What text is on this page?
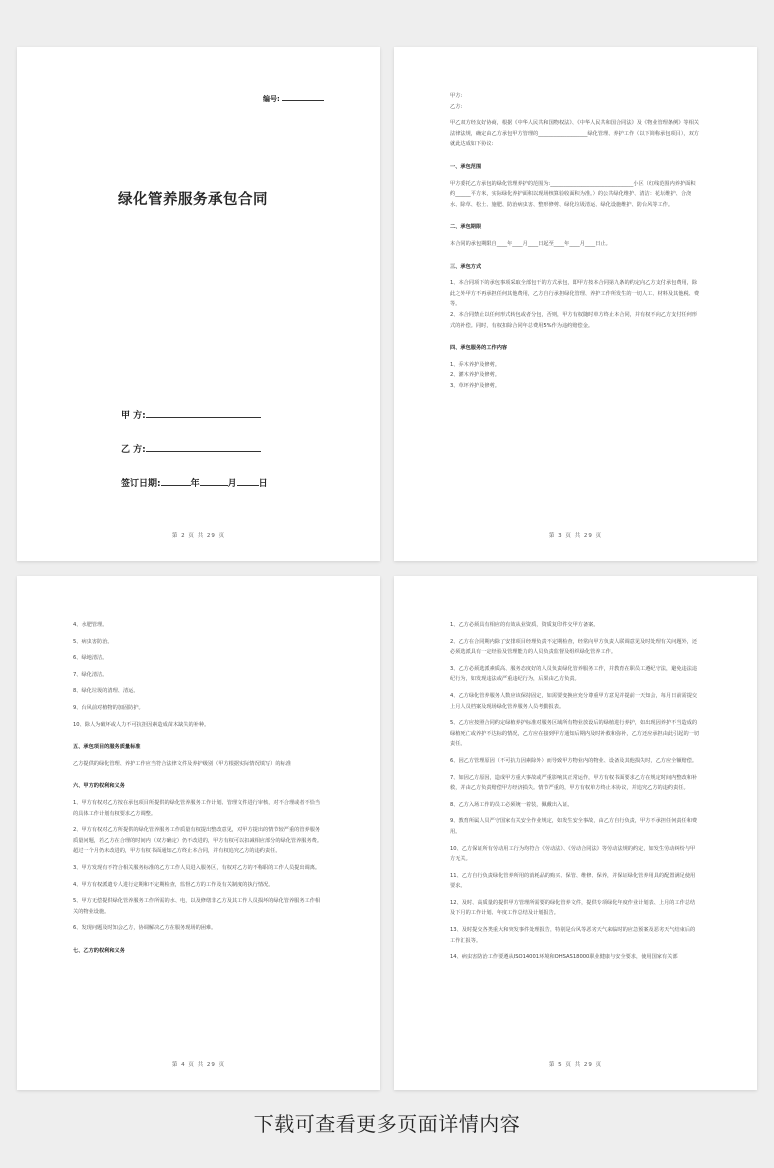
编号:
绿化管养服务承包合同
甲 方:
乙 方:
签订日期:	年	月 日
第 2 页 共 29 页

甲方:

乙方:

甲乙双方经友好协商，根据《中华人民共和国物权法》、《中华人民共和国合同法》及《物业管理条例》等相关法律法规，确定由乙方承包甲方管理的___________________绿化管理、养护工作（以下简称承包项目），双方就此达成如下协议:

一、承包范围

甲方委托乙方承包的绿化管理养护的范围为:________________________________小区（红线范围内养护面积约______平方米，实际绿化养护面积以现场核算验收面积为准。）的公共绿化维护、清洁：花坛维护、合浇水、除草、松土、施肥、防治病虫害、整形修剪、绿化垃圾清运、绿化设施维护、防台风等工作。

二、承包期限

本合同的承包期限自____年____月____日起至____年____月____日止。

三、承包方式

1、本合同项下的承包事项采取全部包干的方式承包，即甲方按本合同第九条的约定向乙方支付承包费用，除此之外甲方不再承担任何其他费用，乙方自行承担绿化管理、养护工作所发生的一切人工、材料及其他税、费等。

2、本合同禁止以任何形式转包或者分包，否则，甲方有权随时单方终止本合同，并有权不向乙方支付任何形式的补偿。同时，有权扣除合同年总费用5%作为违约赔偿金。

四、承包服务的工作内容

1、乔木养护及修剪。

2、灌木养护及修剪。

3、草坪养护及修剪。

第 3 页 共 29 页

4、水肥管理。

5、病虫害防治。

6、绿地清洁。

7、绿化清洁。

8、绿化垃圾的清理、清运。

9、台风前对植物的加固防护。

10、除人为破坏或人力不可抗拒因素造成苗木缺失的补种。

五、承包项目的服务质量标准

乙方提供的绿化管理、养护工作应当符合法律文件及养护级别（甲方根据实际情况填写）的标准

六、甲方的权利和义务

1、甲方有权对乙方按在承包项目所提供的绿化管养服务工作计划、管理文件进行审核，对不合理或者不恰当的具体工作计划有权要求乙方调整。

2、甲方有权对乙方所提供的绿化管养服务工作质量有权提出整改意见，对甲方提出的情节较严重的管养服务质量问题，若乙方在合理的时间内（双方确定）仍不改进的，甲方有权可以扣减相应部分的绿化管养服务费。超过一个月仍未改进的，甲方有权书面通知乙方终止本合同，并有权追究乙方的违约责任。

3、甲方发现有不符合相关服务标准的乙方工作人员进入服务区，有权对乙方的不称职的工作人员提出调离。

4、甲方有权派遣专人进行定期和不定期检查，监督乙方的工作及有关制度的执行情况。

5、甲方无偿提供绿化管养服务工作所需的水、电，以及修缮非乙方及其工作人员损坏的绿化管养服务工作相关的物业设施。

6、发现问题及时知会乙方，协调解决乙方在服务现场的困难。

七、乙方的权利和义务

第 4 页 共 29 页

1、乙方必须具有相应的有效从业资质，资质复印件交甲方备案。

2、乙方在合同期内除了安排项目经理负责不定期检查，经常向甲方负责人联调意见及时处理有关问题外，还必须选派具有一定经验及管理能力的人员负责监督及组织绿化管养工作。

3、乙方必须选派素质高、服务态度好的人员负责绿化管养服务工作，并教育在职员工遵纪守法，避免违法违纪行为，如发现违法或严重违纪行为，后果由乙方负责。

4、乙方绿化管养服务人数应该保持固定，如需要变换应充分尊重甲方意见并提前一天知会，每月日前需提交上月人员档案及现场绿化管养服务人员考勤报表。

5、乙方应按照合同约定绿植养护标准对服务区域所有物业放设后的绿植进行养护，如出现因养护不当造成的绿植死亡或养护不达标的情况，乙方应在接到甲方通知后期内及时补救和弥补，乙方还应承担由此引起的一切责任。

6、因乙方管理原因（不可抗力因素除外）而导致甲方物业内的物业、设备及其他损失时，乙方应全额赔偿。

7、如因乙方原因，造成甲方重大事故或严重影响其正常运作，甲方有权书面要求乙方在规定时间内整改和补救，并由乙方负责赔偿甲方经济损失。情节严重的，甲方有权单方终止本协议，并追究乙方的违约责任。

8、乙方入场工作的员工必须统一着装，佩戴出入证。

9、教育所属人员严守国家有关安全作业规定，如发生安全事故，由乙方自行负责，甲方不承担任何责任和费用。

10、乙方保证所有劳动用工行为均符合《劳动法》、《劳动合同法》等劳动法规的约定，如发生劳动纠纷与甲方无关。

11、乙方自行负责绿化管养所用的消耗品的购买、保管、维修、保养，并保证绿化管养用具的配置满足使用要求。

12、及时、高质量的提供甲方管理所需要的绿化管养文件，提供专项绿化年度作业计划表、上月的工作总结及下月的工作计划、年度工作总结及计划报告。

13、及时提交各类重大和突发事件处理报告，特别是台风等恶劣天气来临时的应急预案及恶劣天气结束后的工作汇报等。

14、病虫害防治工作要遵从ISO14001环境和OHSAS18000职业健康与安全要求，使用国家有关部

第 5 页 共 29 页
下载可查看更多页面详情内容
